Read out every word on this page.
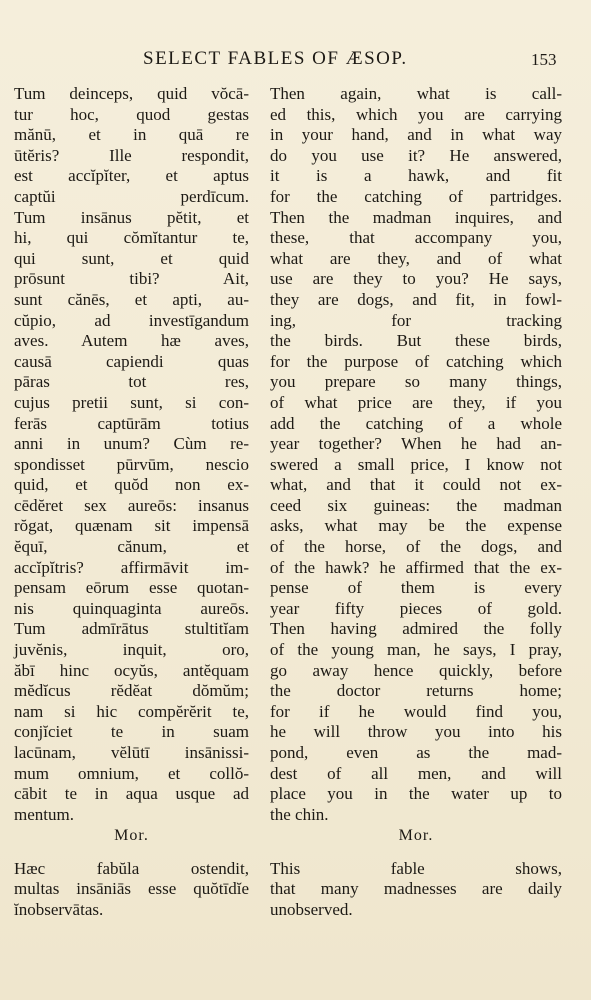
SELECT FABLES OF ÆSOP.	153
Tum deinceps, quid vŏcā-
tur hoc, quod gestas
mănū, et in quā re
ūtĕris? Ille respondit,
est accĭpĭter, et aptus
captŭi perdīcum.
Tum insānus pĕtit, et
hi, qui cŏmĭtantur te,
qui sunt, et quid
prōsunt tibi? Ait,
sunt cănēs, et apti, au-
cŭpio, ad investīgandum
aves. Autem hæ aves,
causā capiendi quas
pāras tot res,
cujus pretii sunt, si con-
ferās captūrām totius
anni in unum? Cùm re-
spondisset pūrvūm, nescio
quid, et quŏd non ex-
cēdĕret sex aureōs: insanus
rŏgat, quænam sit impensā
ĕquī, cănum, et
accĭpĭtris? affirmāvit im-
pensam eōrum esse quotan-
nis quinquaginta aureōs.
Tum admīrātus stultitĭam
juvĕnis, inquit, oro,
ăbī hinc ocyŭs, antĕquam
mĕdĭcus rĕdĕat dŏmŭm;
nam si hic compĕrĕrit te,
conjĭciet te in suam
lacūnam, vĕlūtī insānissi-
mum omnium, et collŏ-
cābit te in aqua usque ad
mentum.
Then again, what is call-
ed this, which you are carrying
in your hand, and in what way
do you use it? He answered,
it is a hawk, and fit
for the catching of partridges.
Then the madman inquires, and
these, that accompany you,
what are they, and of what
use are they to you? He says,
they are dogs, and fit, in fowl-
ing, for tracking
the birds. But these birds,
for the purpose of catching which
you prepare so many things,
of what price are they, if you
add the catching of a whole
year together? When he had an-
swered a small price, I know not
what, and that it could not ex-
ceed six guineas: the madman
asks, what may be the expense
of the horse, of the dogs, and
of the hawk? he affirmed that the ex-
pense of them is every
year fifty pieces of gold.
Then having admired the folly
of the young man, he says, I pray,
go away hence quickly, before
the doctor returns home;
for if he would find you,
he will throw you into his
pond, even as the mad-
dest of all men, and will
place you in the water up to
the chin.
Mor.
Hæc fabŭla ostendit,
multas insāniās esse quŏtīdĭe
ĭnobservātas.
Mor.
This fable shows,
that many madnesses are daily
unobserved.
